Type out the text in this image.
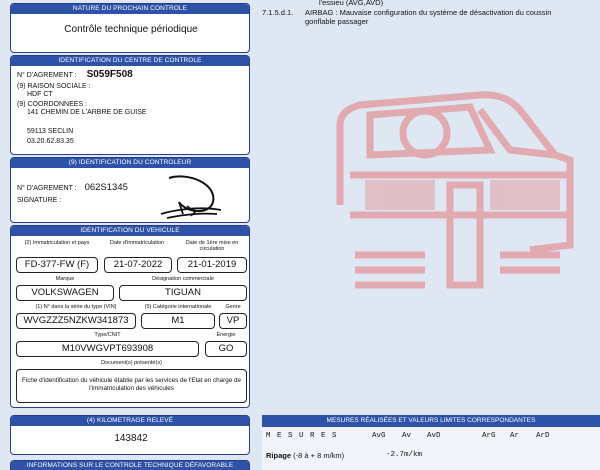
NATURE DU PROCHAIN CONTROLE
Contrôle technique périodique
IDENTIFICATION DU CENTRE DE CONTROLE
N° D'AGREMENT : S059F508
(9) RAISON SOCIALE :
HDF CT
(9) COORDONNEES :
141 CHEMIN DE L'ARBRE DE GUISE
59113 SECLIN
03.20.62.83.35
(9) IDENTIFICATION DU CONTROLEUR
N° D'AGREMENT : 062S1345
SIGNATURE :
IDENTIFICATION DU VEHICULE
(2) Immatriculation et pays	Date d'immatriculation	Date de 1ère mise en circulation
FD-377-FW (F)	21-07-2022	21-01-2019
Marque	Désignation commerciale
VOLKSWAGEN	TIGUAN
(1) N° dans la série du type (VIN)	(5) Catégorie internationale	Genre
WVGZZZ5NZKW341873	M1	VP
Type/CNIT	Energie
M10VWGVPT693908	GO
Document(s) présenté(s)
Fiche d'identification du véhicule établie par les services de l'Etat en charge de l'immatriculation des véhicules
(4) KILOMETRAGE RELEVÉ
143842
INFORMATIONS SUR LE CONTROLE TECHNIQUE DÉFAVORABLE
l'essieu (AVG,AVD)
7.1.5.d.1. AIRBAG : Mauvaise configuration du système de désactivation du coussin
gonflable passager
MESURES RÉALISÉES ET VALEURS LIMITES CORRESPONDANTES
M E S U R E S	AvG Av AvD	ArG Ar ArD
Ripage (-8 à + 8 m/km)	-2.7m/km
